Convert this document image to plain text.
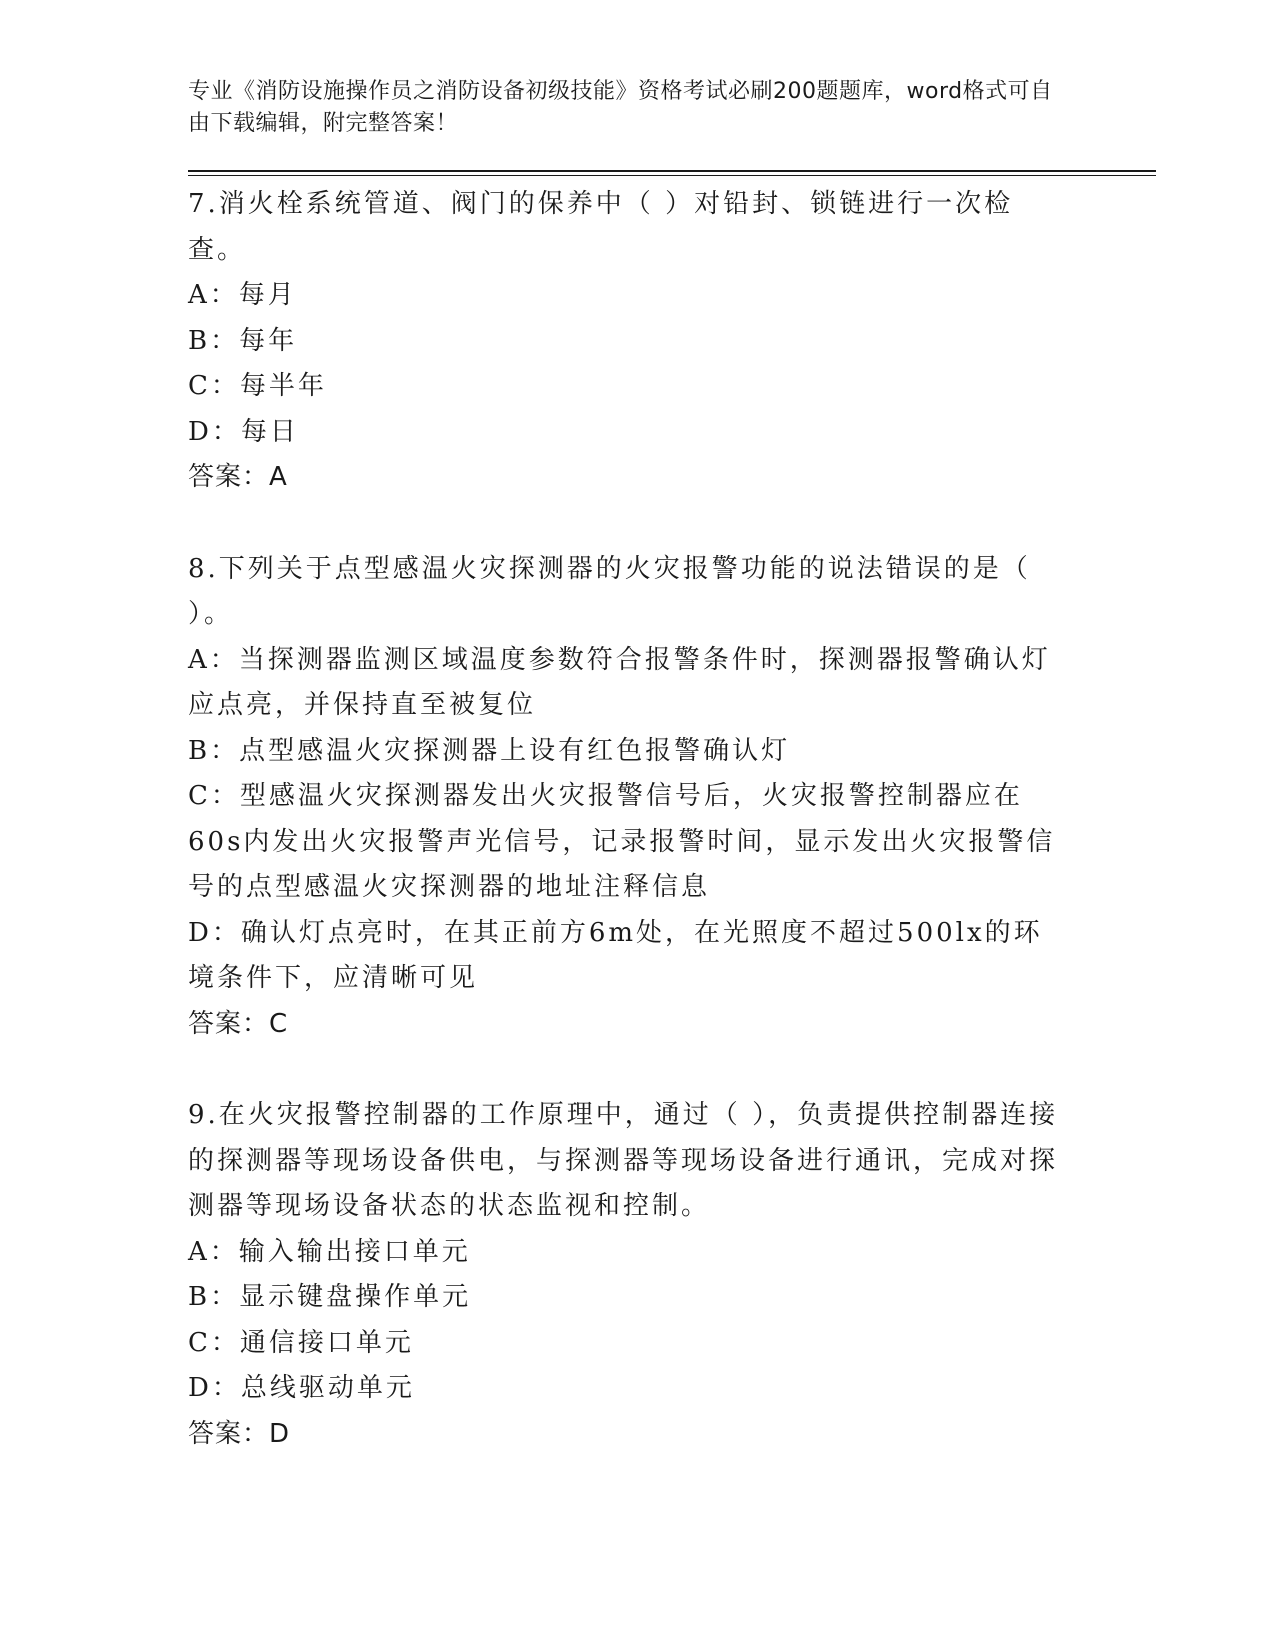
专业《消防设施操作员之消防设备初级技能》资格考试必刷200题题库，word格式可自由下载编辑，附完整答案！
7.消火栓系统管道、阀门的保养中（ ）对铅封、锁链进行一次检查。
A：每月
B：每年
C：每半年
D：每日
答案：A
8.下列关于点型感温火灾探测器的火灾报警功能的说法错误的是（ ）。
A：当探测器监测区域温度参数符合报警条件时，探测器报警确认灯应点亮，并保持直至被复位
B：点型感温火灾探测器上设有红色报警确认灯
C：型感温火灾探测器发出火灾报警信号后，火灾报警控制器应在60s内发出火灾报警声光信号，记录报警时间，显示发出火灾报警信号的点型感温火灾探测器的地址注释信息
D：确认灯点亮时，在其正前方6m处，在光照度不超过500lx的环境条件下，应清晰可见
答案：C
9.在火灾报警控制器的工作原理中，通过（ ），负责提供控制器连接的探测器等现场设备供电，与探测器等现场设备进行通讯，完成对探测器等现场设备状态的状态监视和控制。
A：输入输出接口单元
B：显示键盘操作单元
C：通信接口单元
D：总线驱动单元
答案：D
